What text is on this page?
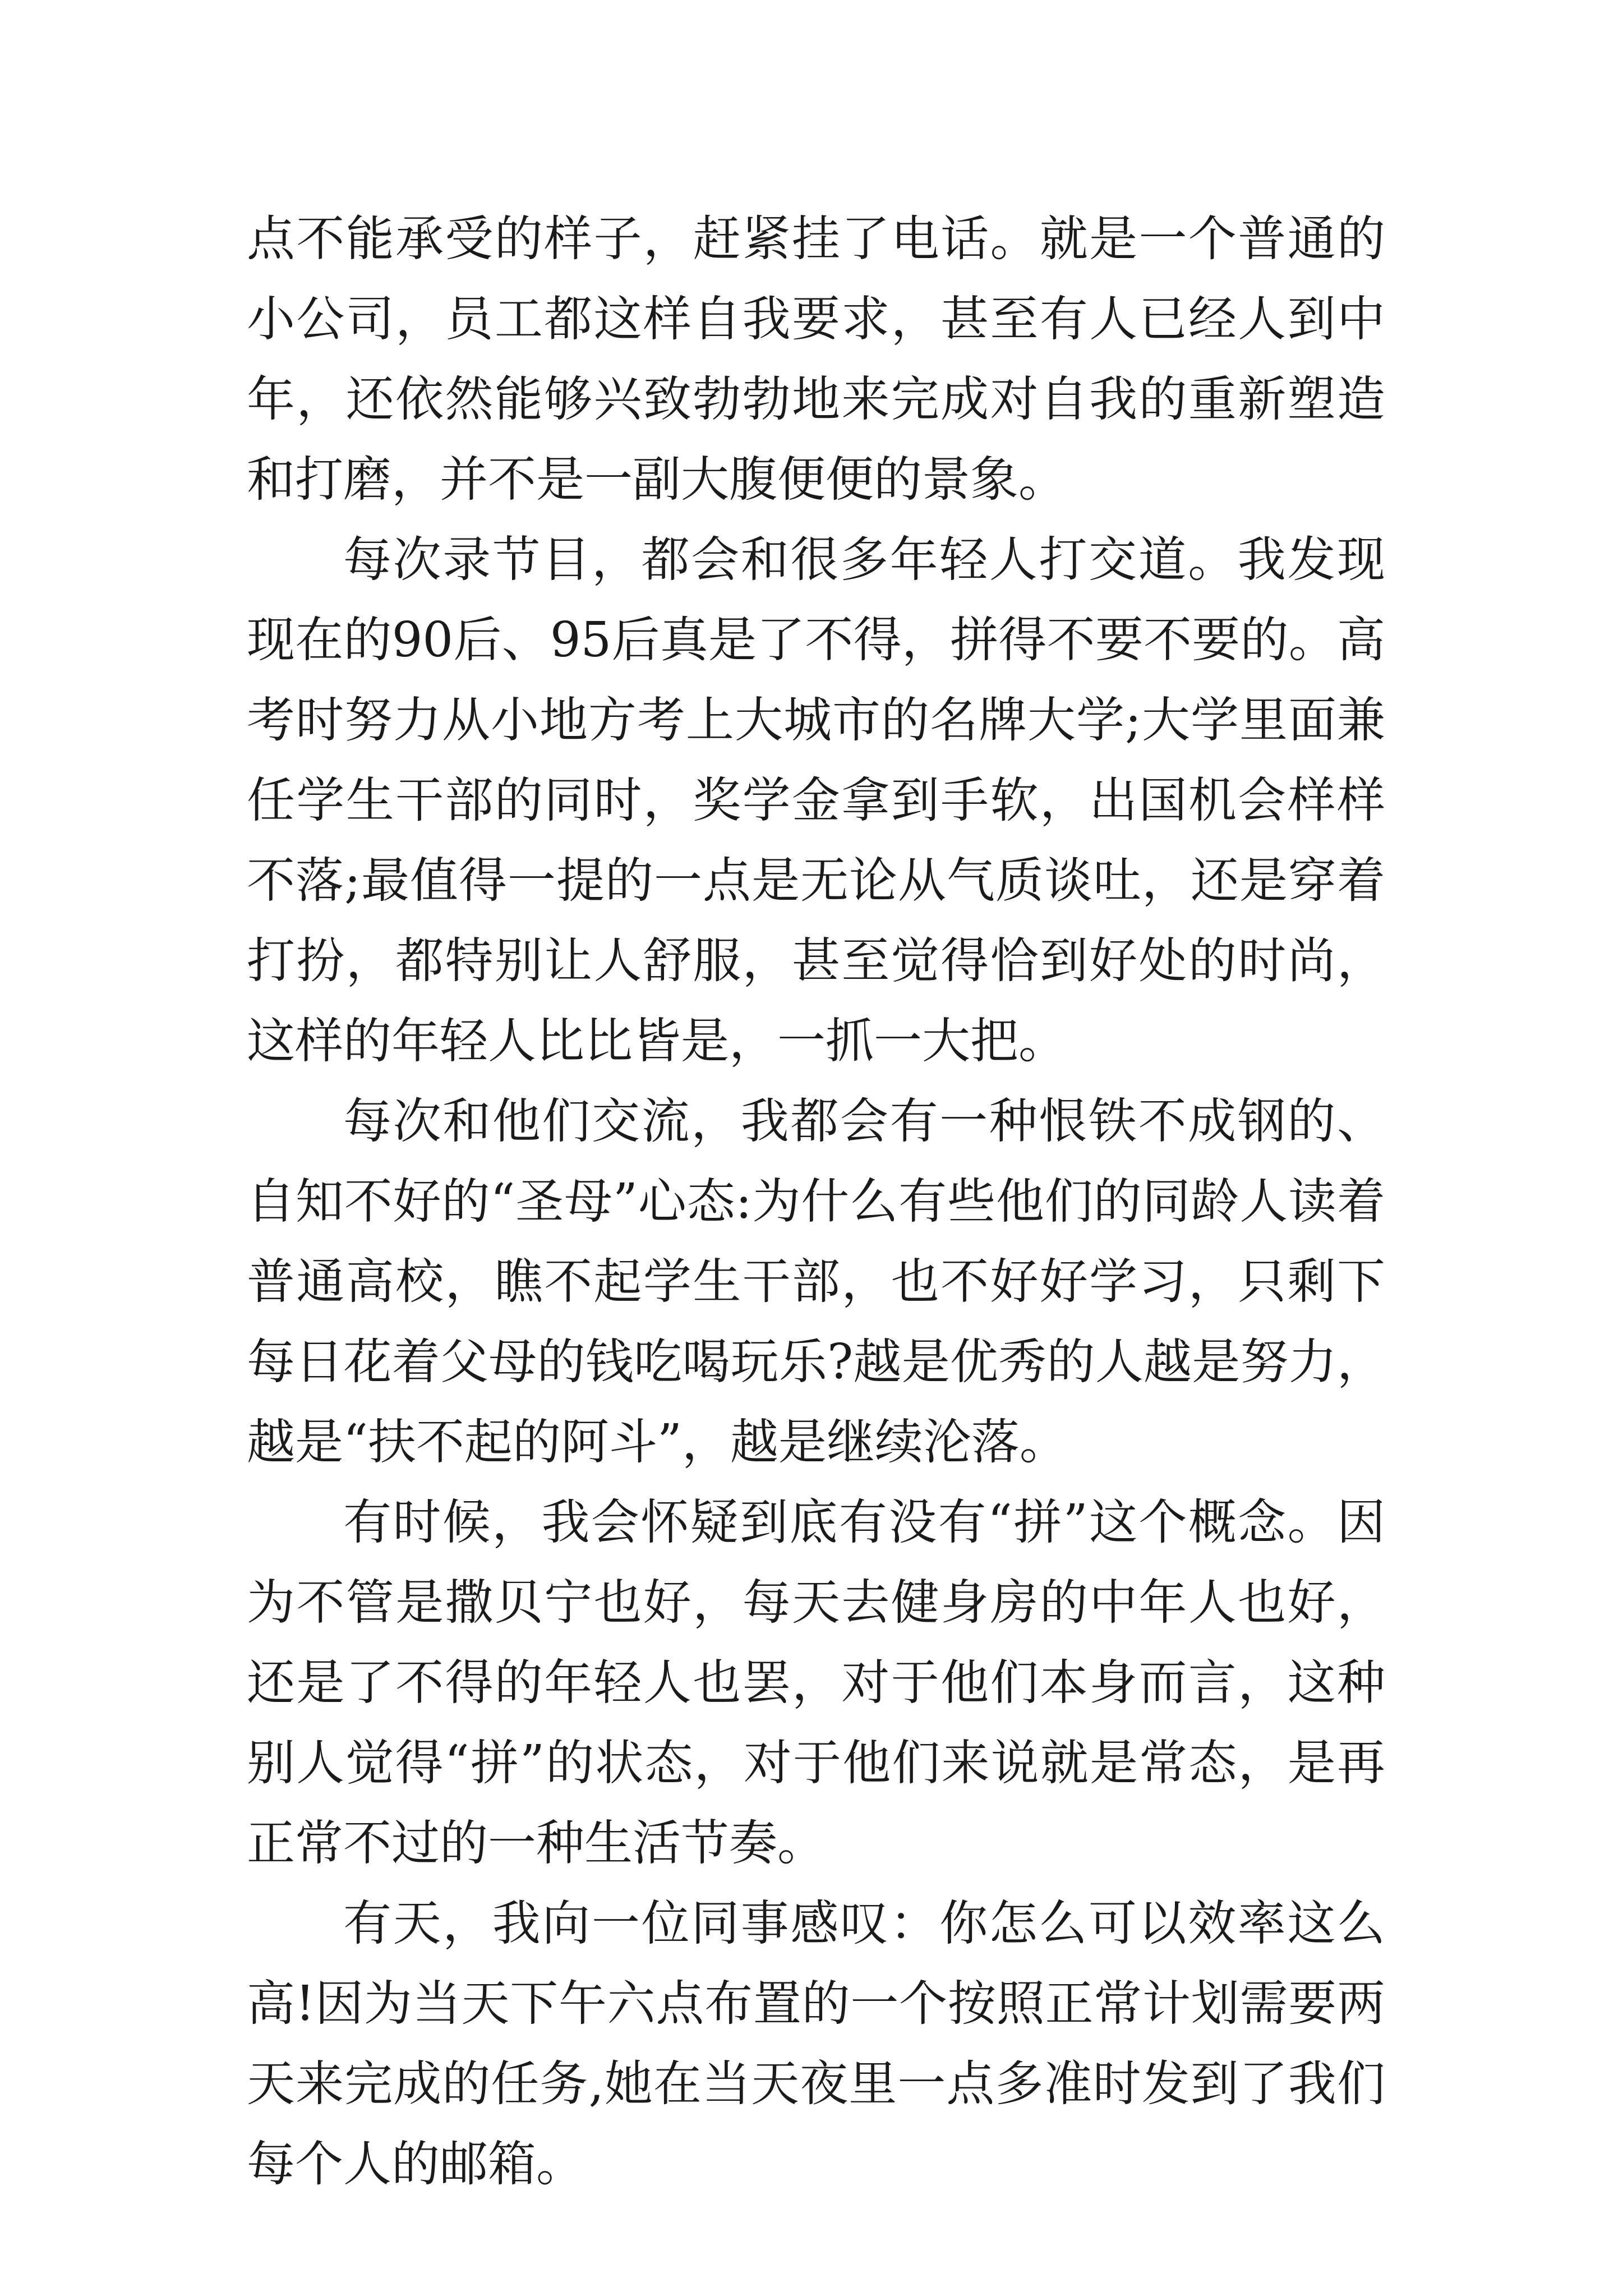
点不能承受的样子，赶紧挂了电话。就是一个普通的小公司，员工都这样自我要求，甚至有人已经人到中年，还依然能够兴致勃勃地来完成对自我的重新塑造和打磨，并不是一副大腹便便的景象。

每次录节目，都会和很多年轻人打交道。我发现现在的90后、95后真是了不得，拼得不要不要的。高考时努力从小地方考上大城市的名牌大学;大学里面兼任学生干部的同时，奖学金拿到手软，出国机会样样不落;最值得一提的一点是无论从气质谈吐，还是穿着打扮，都特别让人舒服，甚至觉得恰到好处的时尚，这样的年轻人比比皆是，一抓一大把。

每次和他们交流，我都会有一种恨铁不成钢的、自知不好的“圣母”心态:为什么有些他们的同龄人读着普通高校，瞧不起学生干部，也不好好学习，只剩下每日花着父母的钱吃喝玩乐?越是优秀的人越是努力，越是“扶不起的阿斗”，越是继续沦落。

有时候，我会怀疑到底有没有“拼”这个概念。因为不管是撒贝宁也好，每天去健身房的中年人也好，还是了不得的年轻人也罢，对于他们本身而言，这种别人觉得“拼”的状态，对于他们来说就是常态，是再正常不过的一种生活节奏。

有天，我向一位同事感叹：你怎么可以效率这么高!因为当天下午六点布置的一个按照正常计划需要两天来完成的任务,她在当天夜里一点多准时发到了我们每个人的邮箱。
